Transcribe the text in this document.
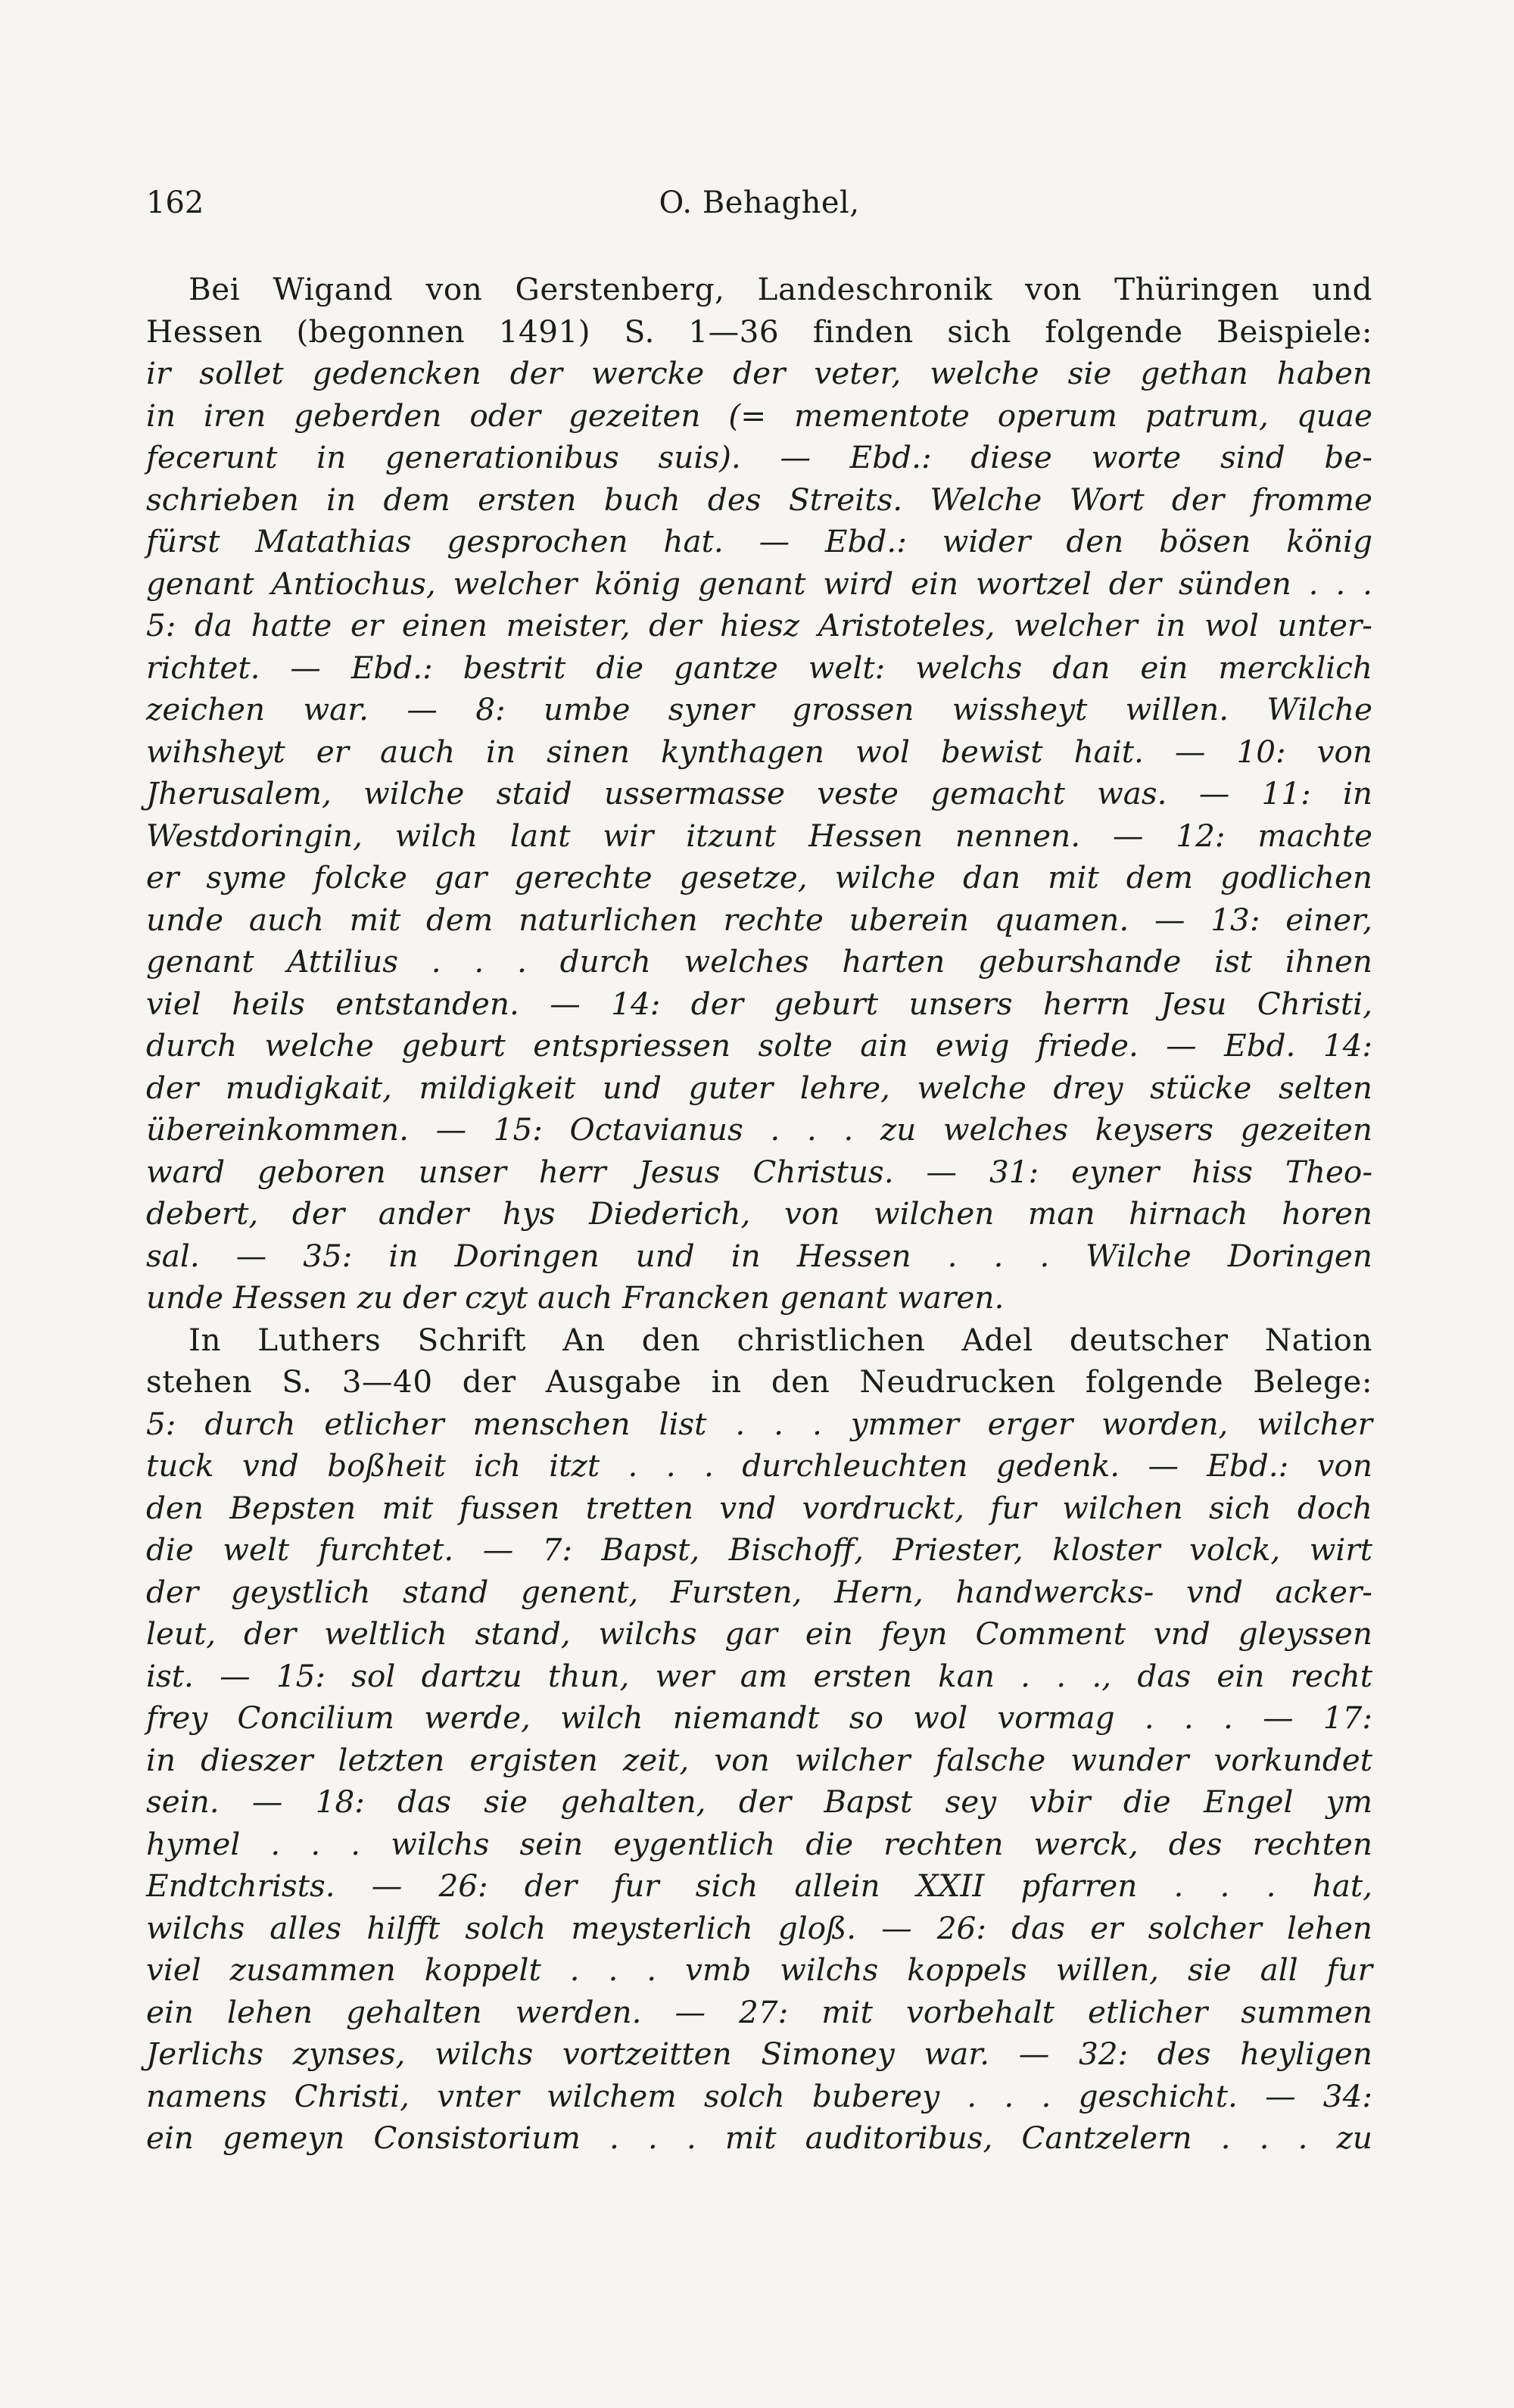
162	O. Behaghel,
Bei Wigand von Gerstenberg, Landeschronik von Thüringen und
Hessen (begonnen 1491) S. 1—36 finden sich folgende Beispiele:
ir sollet gedencken der wercke der veter, welche sie gethan haben
in iren geberden oder gezeiten (= mementote operum patrum, quae
fecerunt in generationibus suis). — Ebd.: diese worte sind be-
schrieben in dem ersten buch des Streits. Welche Wort der fromme
fürst Matathias gesprochen hat. — Ebd.: wider den bösen könig
genant Antiochus, welcher könig genant wird ein wortzel der sünden . . .
5: da hatte er einen meister, der hiesz Aristoteles, welcher in wol unter-
richtet. — Ebd.: bestrit die gantze welt: welchs dan ein mercklich
zeichen war. — 8: umbe syner grossen wissheyt willen. Wilche
wihsheyt er auch in sinen kynthagen wol bewist hait. — 10: von
Jherusalem, wilche staid ussermasse veste gemacht was. — 11: in
Westdoringin, wilch lant wir itzunt Hessen nennen. — 12: machte
er syme folcke gar gerechte gesetze, wilche dan mit dem godlichen
unde auch mit dem naturlichen rechte uberein quamen. — 13: einer,
genant Attilius . . . durch welches harten geburshande ist ihnen
viel heils entstanden. — 14: der geburt unsers herrn Jesu Christi,
durch welche geburt entspriessen solte ain ewig friede. — Ebd. 14:
der mudigkait, mildigkeit und guter lehre, welche drey stücke selten
übereinkommen. — 15: Octavianus . . . zu welches keysers gezeiten
ward geboren unser herr Jesus Christus. — 31: eyner hiss Theo-
debert, der ander hys Diederich, von wilchen man hirnach horen
sal. — 35: in Doringen und in Hessen . . . Wilche Doringen
unde Hessen zu der czyt auch Francken genant waren.
In Luthers Schrift An den christlichen Adel deutscher Nation
stehen S. 3—40 der Ausgabe in den Neudrucken folgende Belege:
5: durch etlicher menschen list . . . ymmer erger worden, wilcher
tuck vnd boßheit ich itzt . . . durchleuchten gedenk. — Ebd.: von
den Bepsten mit fussen tretten vnd vordruckt, fur wilchen sich doch
die welt furchtet. — 7: Bapst, Bischoff, Priester, kloster volck, wirt
der geystlich stand genent, Fursten, Hern, handwercks- vnd acker-
leut, der weltlich stand, wilchs gar ein feyn Comment vnd gleyssen
ist. — 15: sol dartzu thun, wer am ersten kan . . ., das ein recht
frey Concilium werde, wilch niemandt so wol vormag . . . — 17:
in dieszer letzten ergisten zeit, von wilcher falsche wunder vorkundet
sein. — 18: das sie gehalten, der Bapst sey vbir die Engel ym
hymel . . . wilchs sein eygentlich die rechten werck, des rechten
Endtchrists. — 26: der fur sich allein XXII pfarren . . . hat,
wilchs alles hilfft solch meysterlich gloß. — 26: das er solcher lehen
viel zusammen koppelt . . . vmb wilchs koppels willen, sie all fur
ein lehen gehalten werden. — 27: mit vorbehalt etlicher summen
Jerlichs zynses, wilchs vortzeitten Simoney war. — 32: des heyligen
namens Christi, vnter wilchem solch buberey . . . geschicht. — 34:
ein gemeyn Consistorium . . . mit auditoribus, Cantzelern . . . zu
